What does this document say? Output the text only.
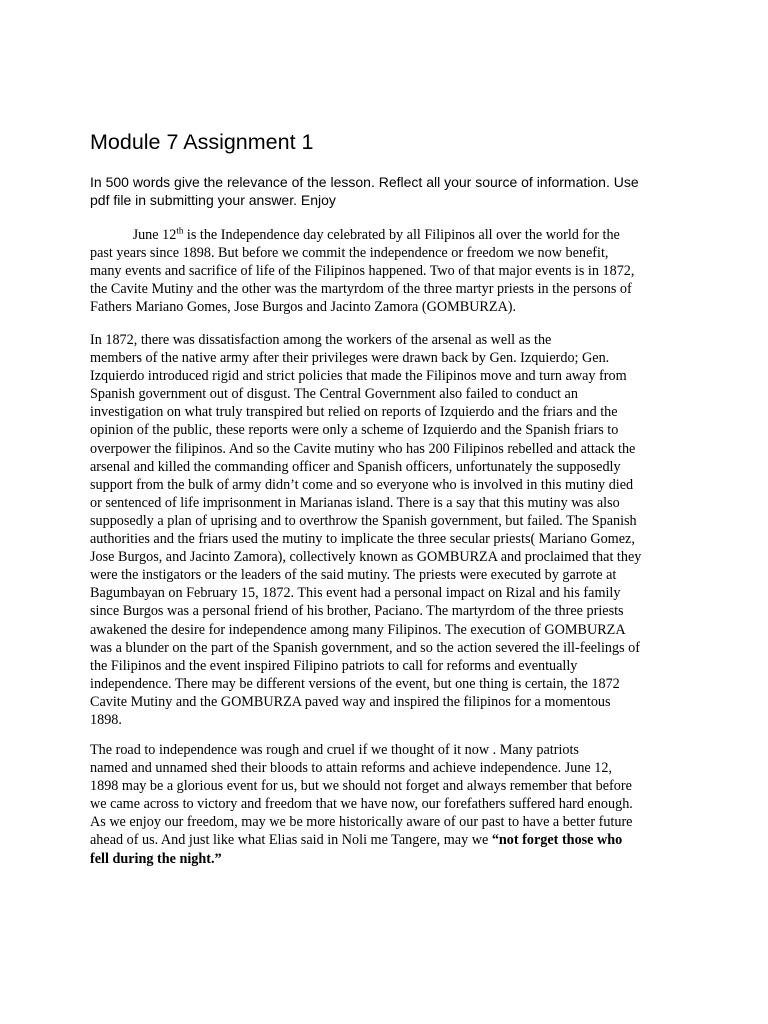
Module 7 Assignment 1

In 500 words give the relevance of the lesson. Reflect all your source of information. Use
pdf file in submitting your answer. Enjoy

June 12th is the Independence day celebrated by all Filipinos all over the world for the
past years since 1898. But before we commit the independence or freedom we now benefit,
many events and sacrifice of life of the Filipinos happened. Two of that major events is in 1872,
the Cavite Mutiny and the other was the martyrdom of the three martyr priests in the persons of
Fathers Mariano Gomes, Jose Burgos and Jacinto Zamora (GOMBURZA).

In 1872, there was dissatisfaction among the workers of the arsenal as well as the
members of the native army after their privileges were drawn back by Gen. Izquierdo; Gen.
Izquierdo introduced rigid and strict policies that made the Filipinos move and turn away from
Spanish government out of disgust. The Central Government also failed to conduct an
investigation on what truly transpired but relied on reports of Izquierdo and the friars and the
opinion of the public, these reports were only a scheme of Izquierdo and the Spanish friars to
overpower the filipinos. And so the Cavite mutiny who has 200 Filipinos rebelled and attack the
arsenal and killed the commanding officer and Spanish officers, unfortunately the supposedly
support from the bulk of army didn’t come and so everyone who is involved in this mutiny died
or sentenced of life imprisonment in Marianas island. There is a say that this mutiny was also
supposedly a plan of uprising and to overthrow the Spanish government, but failed. The Spanish
authorities and the friars used the mutiny to implicate the three secular priests( Mariano Gomez,
Jose Burgos, and Jacinto Zamora), collectively known as GOMBURZA and proclaimed that they
were the instigators or the leaders of the said mutiny. The priests were executed by garrote at
Bagumbayan on February 15, 1872. This event had a personal impact on Rizal and his family
since Burgos was a personal friend of his brother, Paciano. The martyrdom of the three priests
awakened the desire for independence among many Filipinos. The execution of GOMBURZA
was a blunder on the part of the Spanish government, and so the action severed the ill-feelings of
the Filipinos and the event inspired Filipino patriots to call for reforms and eventually
independence. There may be different versions of the event, but one thing is certain, the 1872
Cavite Mutiny and the GOMBURZA paved way and inspired the filipinos for a momentous
1898.

The road to independence was rough and cruel if we thought of it now . Many patriots
named and unnamed shed their bloods to attain reforms and achieve independence. June 12,
1898 may be a glorious event for us, but we should not forget and always remember that before
we came across to victory and freedom that we have now, our forefathers suffered hard enough.
As we enjoy our freedom, may we be more historically aware of our past to have a better future
ahead of us. And just like what Elias said in Noli me Tangere, may we “not forget those who
fell during the night.”
